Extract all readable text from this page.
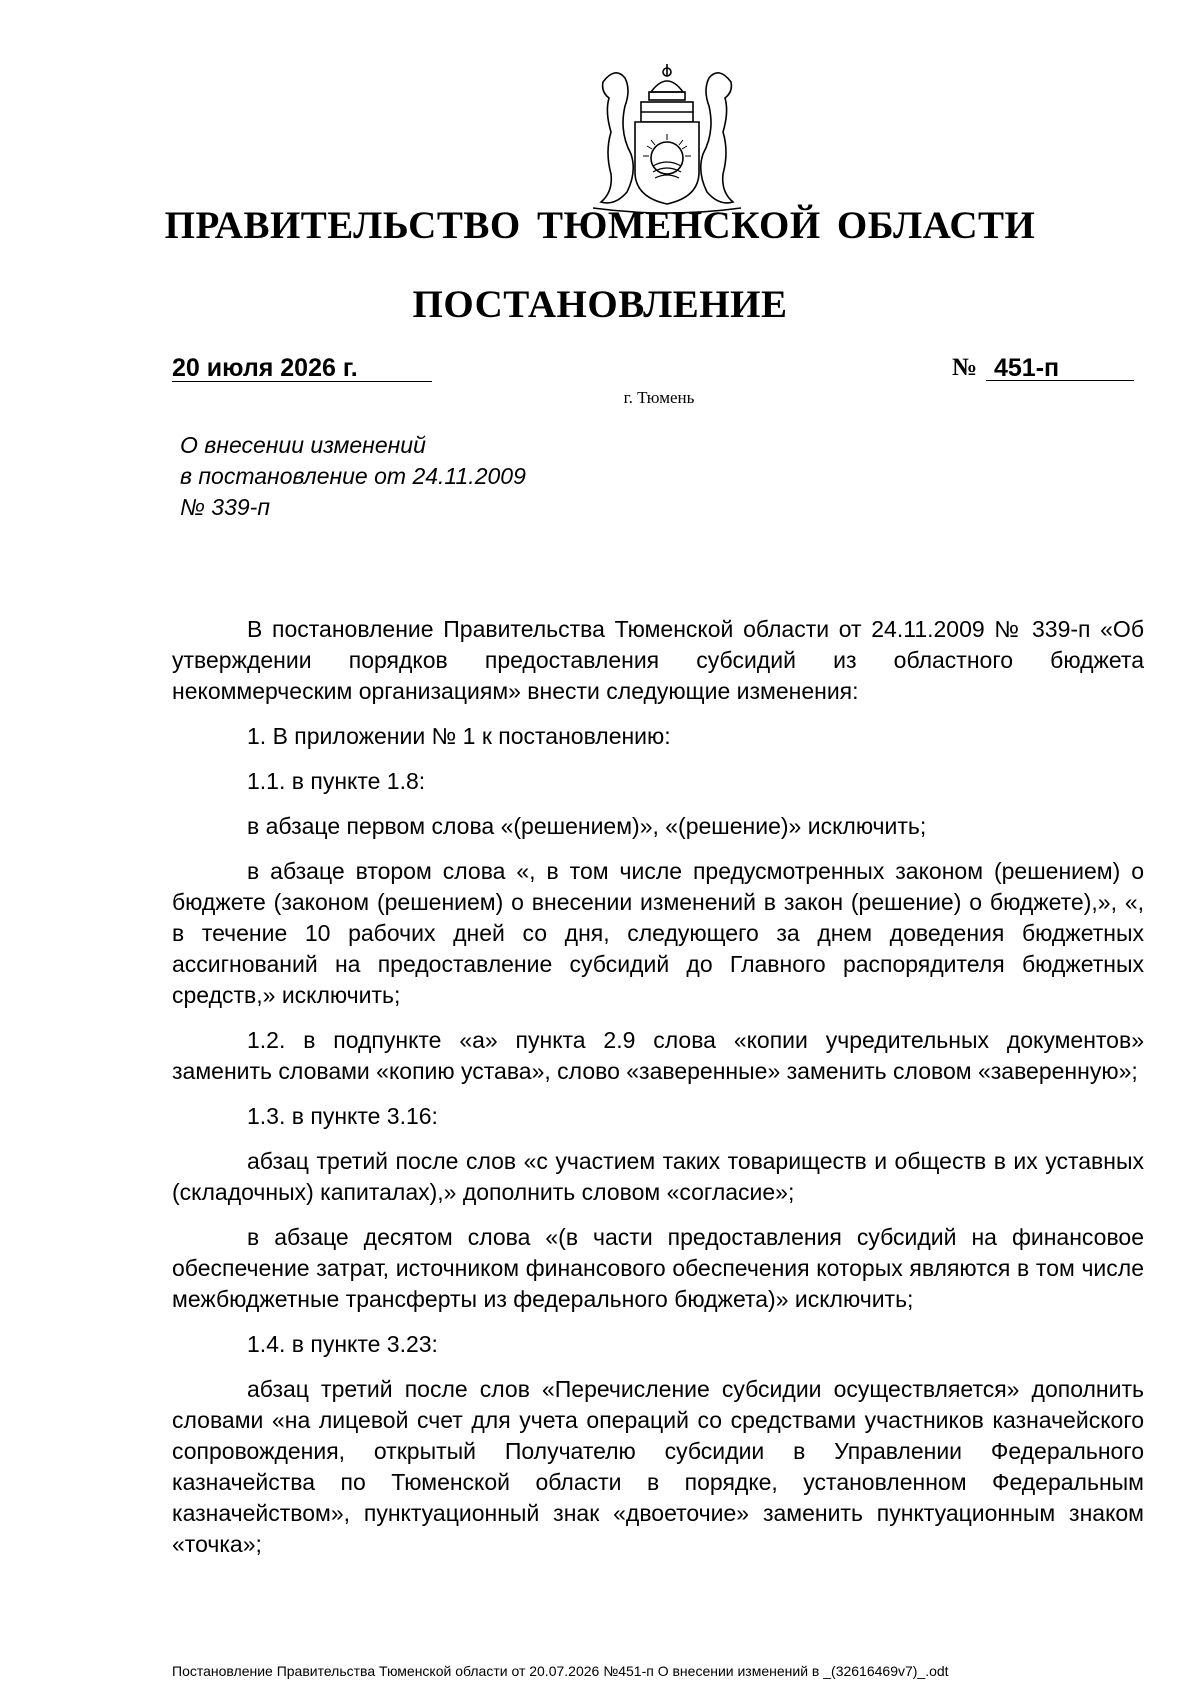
ПРАВИТЕЛЬСТВО ТЮМЕНСКОЙ ОБЛАСТИ
ПОСТАНОВЛЕНИЕ
20 июля 2026 г.	№ 451-п
г. Тюмень
О внесении изменений
в постановление от 24.11.2009
№ 339-п

В постановление Правительства Тюменской области от 24.11.2009 № 339-п «Об утверждении порядков предоставления субсидий из областного бюджета некоммерческим организациям» внести следующие изменения:

1. В приложении № 1 к постановлению:

1.1. в пункте 1.8:

в абзаце первом слова «(решением)», «(решение)» исключить;

в абзаце втором слова «, в том числе предусмотренных законом (решением) о бюджете (законом (решением) о внесении изменений в закон (решение) о бюджете),», «, в течение 10 рабочих дней со дня, следующего за днем доведения бюджетных ассигнований на предоставление субсидий до Главного распорядителя бюджетных средств,» исключить;

1.2. в подпункте «а» пункта 2.9 слова «копии учредительных документов» заменить словами «копию устава», слово «заверенные» заменить словом «заверенную»;

1.3. в пункте 3.16:

абзац третий после слов «с участием таких товариществ и обществ в их уставных (складочных) капиталах),» дополнить словом «согласие»;

в абзаце десятом слова «(в части предоставления субсидий на финансовое обеспечение затрат, источником финансового обеспечения которых являются в том числе межбюджетные трансферты из федерального бюджета)» исключить;

1.4. в пункте 3.23:

абзац третий после слов «Перечисление субсидии осуществляется» дополнить словами «на лицевой счет для учета операций со средствами участников казначейского сопровождения, открытый Получателю субсидии в Управлении Федерального казначейства по Тюменской области в порядке, установленном Федеральным казначейством», пунктуационный знак «двоеточие» заменить пунктуационным знаком «точка»;

Постановление Правительства Тюменской области от 20.07.2026 №451-п О внесении изменений в _(32616469v7)_.odt
